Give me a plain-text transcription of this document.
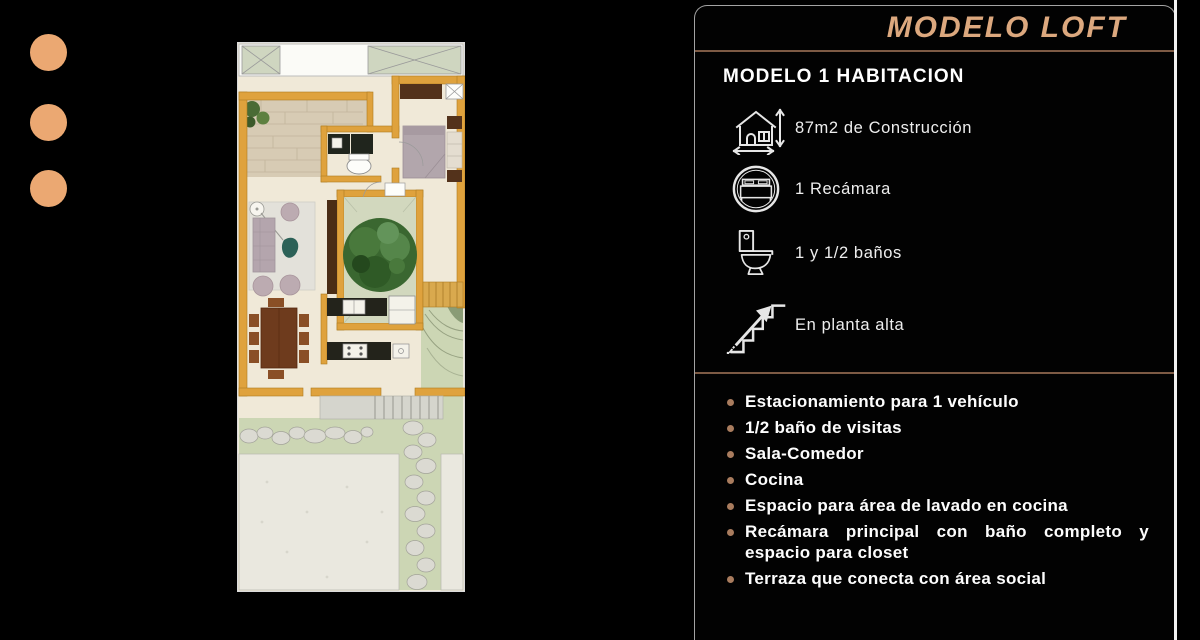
MODELO LOFT
MODELO 1 HABITACION
87m2 de Construcción
1 Recámara
1 y 1/2 baños
En planta alta
Estacionamiento para 1 vehículo
1/2 baño de visitas
Sala-Comedor
Cocina
Espacio para área de lavado en cocina
Recámara principal con baño completo y espacio para closet
Terraza que conecta con área social
